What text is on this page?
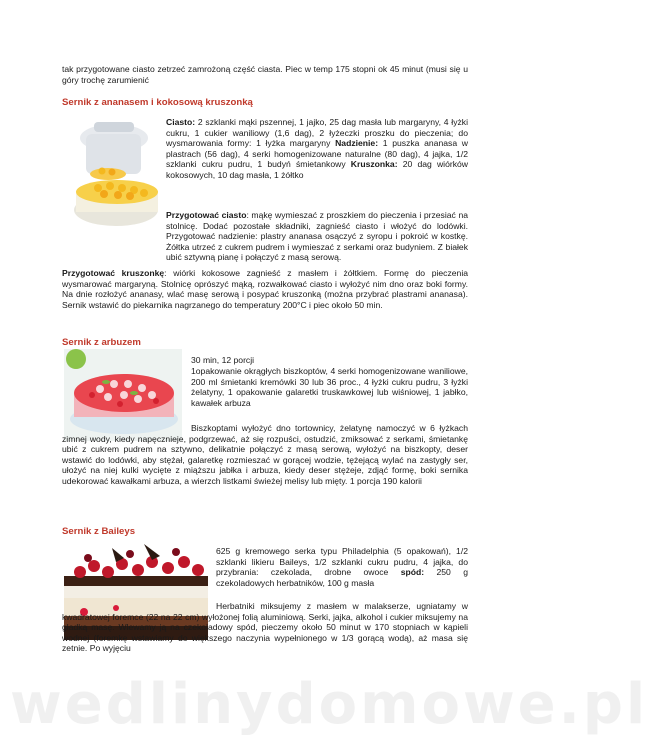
tak przygotowane ciasto zetrzeć zamrożoną część ciasta. Piec w temp 175 stopni ok 45 minut (musi się u góry trochę zarumienić

Sernik z ananasem i kokosową kruszonką

Ciasto: 2 szklanki mąki pszennej, 1 jajko, 25 dag masła lub margaryny, 4 łyżki cukru, 1 cukier waniliowy (1,6 dag), 2 łyżeczki proszku do pieczenia; do wysmarowania formy: 1 łyżka margaryny Nadzienie: 1 puszka ananasa w plastrach (56 dag), 4 serki homogenizowane naturalne (80 dag), 4 jajka, 1/2 szklanki cukru pudru, 1 budyń śmietankowy Kruszonka: 20 dag wiórków kokosowych, 10 dag masła, 1 żółtko

Przygotować ciasto: mąkę wymieszać z proszkiem do pieczenia i przesiać na stolnicę. Dodać pozostałe składniki, zagnieść ciasto i włożyć do lodówki. Przygotować nadzienie: plastry ananasa osączyć z syropu i pokroić w kostkę. Żółtka utrzeć z cukrem pudrem i wymieszać z serkami oraz budyniem. Z białek ubić sztywną pianę i połączyć z masą serową.

Przygotować kruszonkę: wiórki kokosowe zagnieść z masłem i żółtkiem. Formę do pieczenia wysmarować margaryną. Stolnicę oprószyć mąką, rozwałkować ciasto i wyłożyć nim dno oraz boki formy. Na dnie rozłożyć ananasy, wlać masę serową i posypać kruszonką (można przybrać plastrami ananasa). Sernik wstawić do piekarnika nagrzanego do temperatury 200°C i piec około 50 min.

Sernik z arbuzem

30 min, 12 porcji

1opakowanie okrągłych biszkoptów, 4 serki homogenizowane waniliowe, 200 ml śmietanki kremówki 30 lub 36 proc., 4 łyżki cukru pudru, 3 łyżki żelatyny, 1 opakowanie galaretki truskawkowej lub wiśniowej, 1 jabłko, kawałek arbuza

Biszkoptami wyłożyć dno tortownicy, żelatynę namoczyć w 6 łyżkach zimnej wody, kiedy napęcznieje, podgrzewać, aż się rozpuści, ostudzić, zmiksować z serkami, śmietankę ubić z cukrem pudrem na sztywno, delikatnie połączyć z masą serową, wyłożyć na biszkopty, deser wstawić do lodówki, aby stężał, galaretkę rozmieszać w gorącej wodzie, tężejącą wylać na zastygły ser, ułożyć na niej kulki wycięte z miąższu jabłka i arbuza, kiedy deser stężeje, zdjąć formę, boki sernika udekorować kawałkami arbuza, a wierzch listkami świeżej melisy lub mięty. 1 porcja 190 kalorii

Sernik z Baileys

625 g kremowego serka typu Philadelphia (5 opakowań), 1/2 szklanki likieru Baileys, 1/2 szklanki cukru pudru, 4 jajka, do przybrania: czekolada, drobne owoce spód: 250 g czekoladowych herbatników, 100 g masła

Herbatniki miksujemy z masłem w malakserze, ugniatamy w kwadratowej foremce (22 na 22 cm) wyłożonej folią aluminiową. Serki, jajka, alkohol i cukier miksujemy na gładką masę. Wlewamy ją na czekoladowy spód, pieczemy około 50 minut w 170 stopniach w kąpieli wodnej (foremkę wstawiamy do większego naczynia wypełnionego w 1/3 gorącą wodą), aż masa się zetnie. Po wyjęciu

wedlinydomowe.pl
